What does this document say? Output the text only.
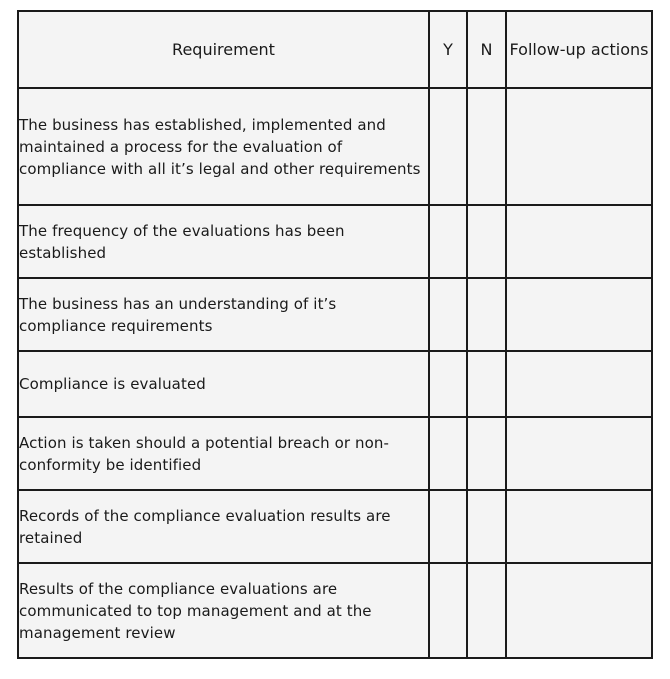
Requirement	Y	N	Follow-up actions
The business has established, implemented and maintained a process for the evaluation of compliance with all it’s legal and other requirements			
The frequency of the evaluations has been established			
The business has an understanding of it’s compliance requirements			
Compliance is evaluated			
Action is taken should a potential breach or non-conformity be identified			
Records of the compliance evaluation results are retained			
Results of the compliance evaluations are communicated to top management and at the management review			
